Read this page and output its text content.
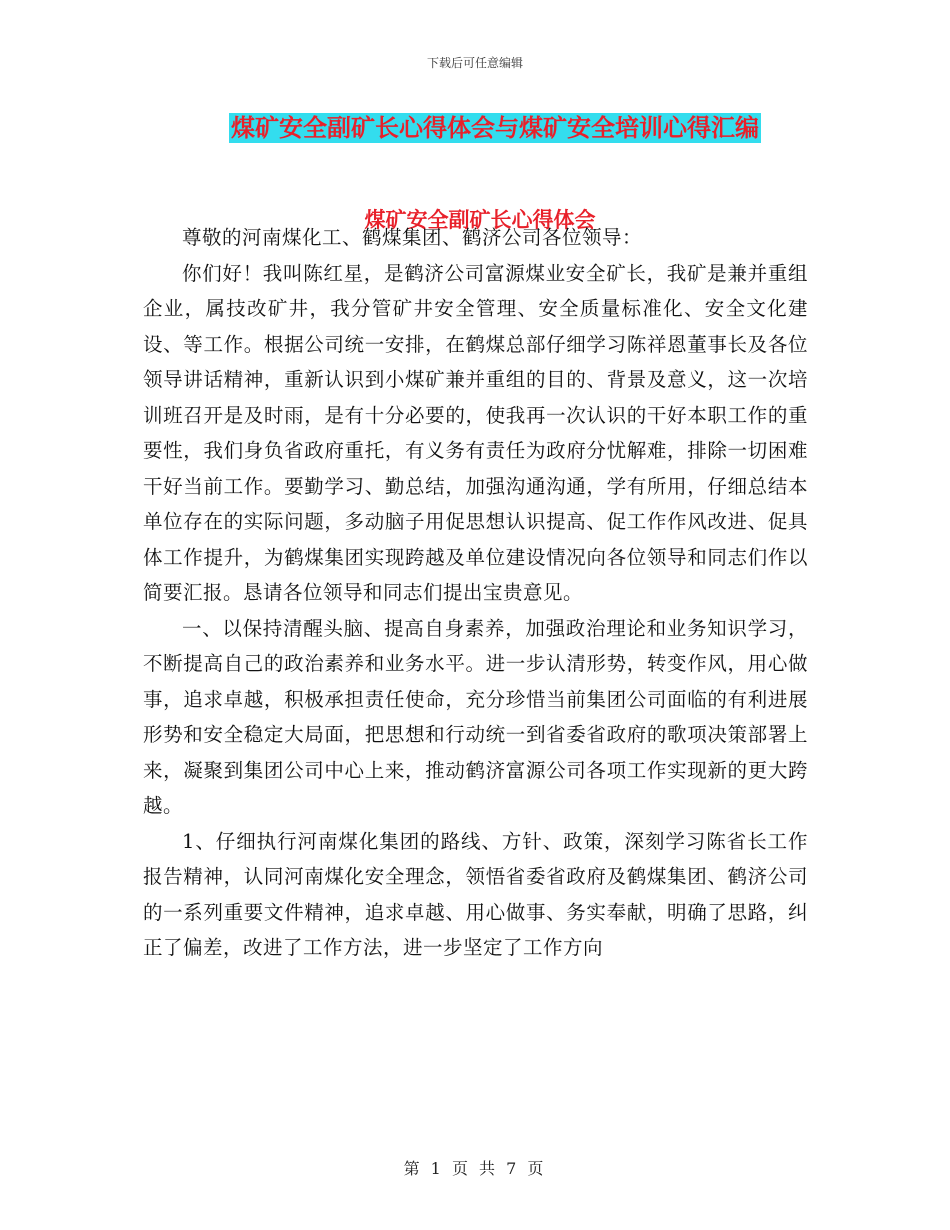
下载后可任意编辑
煤矿安全副矿长心得体会与煤矿安全培训心得汇编
煤矿安全副矿长心得体会

尊敬的河南煤化工、鹤煤集团、鹤济公司各位领导：

你们好！我叫陈红星，是鹤济公司富源煤业安全矿长，我矿是兼并重组企业，属技改矿井，我分管矿井安全管理、安全质量标准化、安全文化建设、等工作。根据公司统一安排，在鹤煤总部仔细学习陈祥恩董事长及各位领导讲话精神，重新认识到小煤矿兼并重组的目的、背景及意义，这一次培训班召开是及时雨，是有十分必要的，使我再一次认识的干好本职工作的重要性，我们身负省政府重托，有义务有责任为政府分忧解难，排除一切困难干好当前工作。要勤学习、勤总结，加强沟通沟通，学有所用，仔细总结本单位存在的实际问题，多动脑子用促思想认识提高、促工作作风改进、促具体工作提升，为鹤煤集团实现跨越及单位建设情况向各位领导和同志们作以简要汇报。恳请各位领导和同志们提出宝贵意见。

一、以保持清醒头脑、提高自身素养，加强政治理论和业务知识学习，不断提高自己的政治素养和业务水平。进一步认清形势，转变作风，用心做事，追求卓越，积极承担责任使命，充分珍惜当前集团公司面临的有利进展形势和安全稳定大局面，把思想和行动统一到省委省政府的歌项决策部署上来，凝聚到集团公司中心上来，推动鹤济富源公司各项工作实现新的更大跨越。

1、仔细执行河南煤化集团的路线、方针、政策，深刻学习陈省长工作报告精神，认同河南煤化安全理念，领悟省委省政府及鹤煤集团、鹤济公司的一系列重要文件精神，追求卓越、用心做事、务实奉献，明确了思路，纠正了偏差，改进了工作方法，进一步坚定了工作方向

第 1 页 共 7 页
